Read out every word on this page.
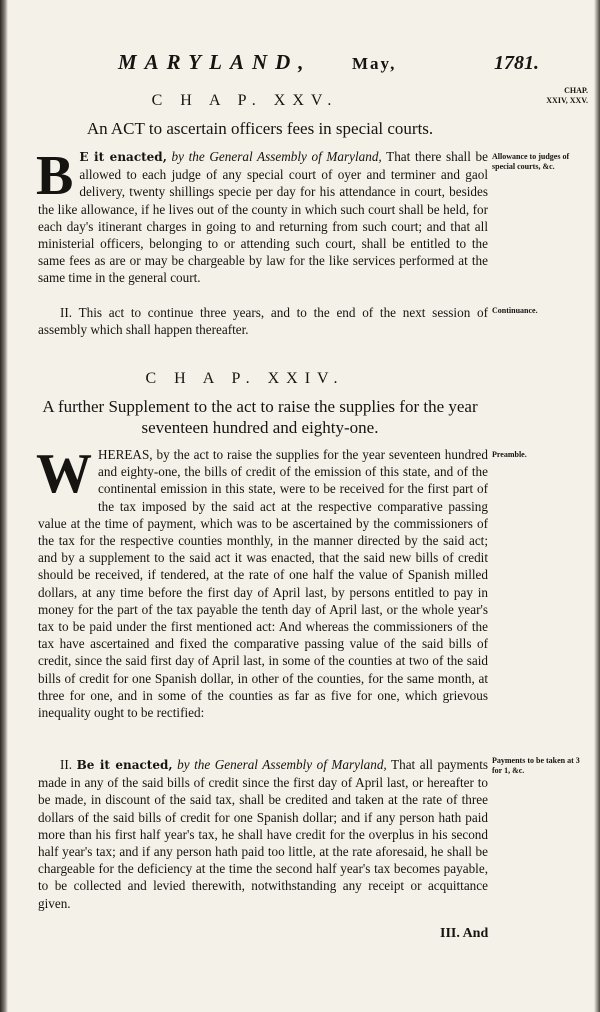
MARYLAND, May,	1781.
CHAP.
XXIV, XXV.
C H A P. XXV.
An ACT to ascertain officers fees in special courts.

B E it enacted, by the General Assembly of Maryland, That there shall be allowed to each judge of any special court of oyer and terminer and gaol delivery, twenty shillings specie per day for his attendance in court, besides the like allowance, if he lives out of the county in which such court shall be held, for each day's itinerant charges in going to and returning from such court; and that all ministerial officers, belonging to or attending such court, shall be entitled to the same fees as are or may be chargeable by law for the like services performed at the same time in the general court.

Allowance to judges of special courts, &c.

II. This act to continue three years, and to the end of the next session of assembly which shall happen thereafter.

Continuance.
C H A P. XXIV.
A further Supplement to the act to raise the supplies for the year seventeen hundred and eighty-one.

WHEREAS, by the act to raise the supplies for the year seventeen hundred and eighty-one, the bills of credit of the emission of this state, and of the continental emission in this state, were to be received for the first part of the tax imposed by the said act at the respective comparative passing value at the time of payment, which was to be ascertained by the commissioners of the tax for the respective counties monthly, in the manner directed by the said act; and by a supplement to the said act it was enacted, that the said new bills of credit should be received, if tendered, at the rate of one half the value of Spanish milled dollars, at any time before the first day of April last, by persons entitled to pay in money for the part of the tax payable the tenth day of April last, or the whole year's tax to be paid under the first mentioned act: And whereas the commissioners of the tax have ascertained and fixed the comparative passing value of the said bills of credit, since the said first day of April last, in some of the counties at two of the said bills of credit for one Spanish dollar, in other of the counties, for the same month, at three for one, and in some of the counties as far as five for one, which grievous inequality ought to be rectified:

Preamble.

II. Be it enacted, by the General Assembly of Maryland, That all payments made in any of the said bills of credit since the first day of April last, or hereafter to be made, in discount of the said tax, shall be credited and taken at the rate of three dollars of the said bills of credit for one Spanish dollar; and if any person hath paid more than his first half year's tax, he shall have credit for the overplus in his second half year's tax; and if any person hath paid too little, at the rate aforesaid, he shall be chargeable for the deficiency at the time the second half year's tax becomes payable, to be collected and levied therewith, notwithstanding any receipt or acquittance given.

Payments to be taken at 3 for 1, &c.
III. And
